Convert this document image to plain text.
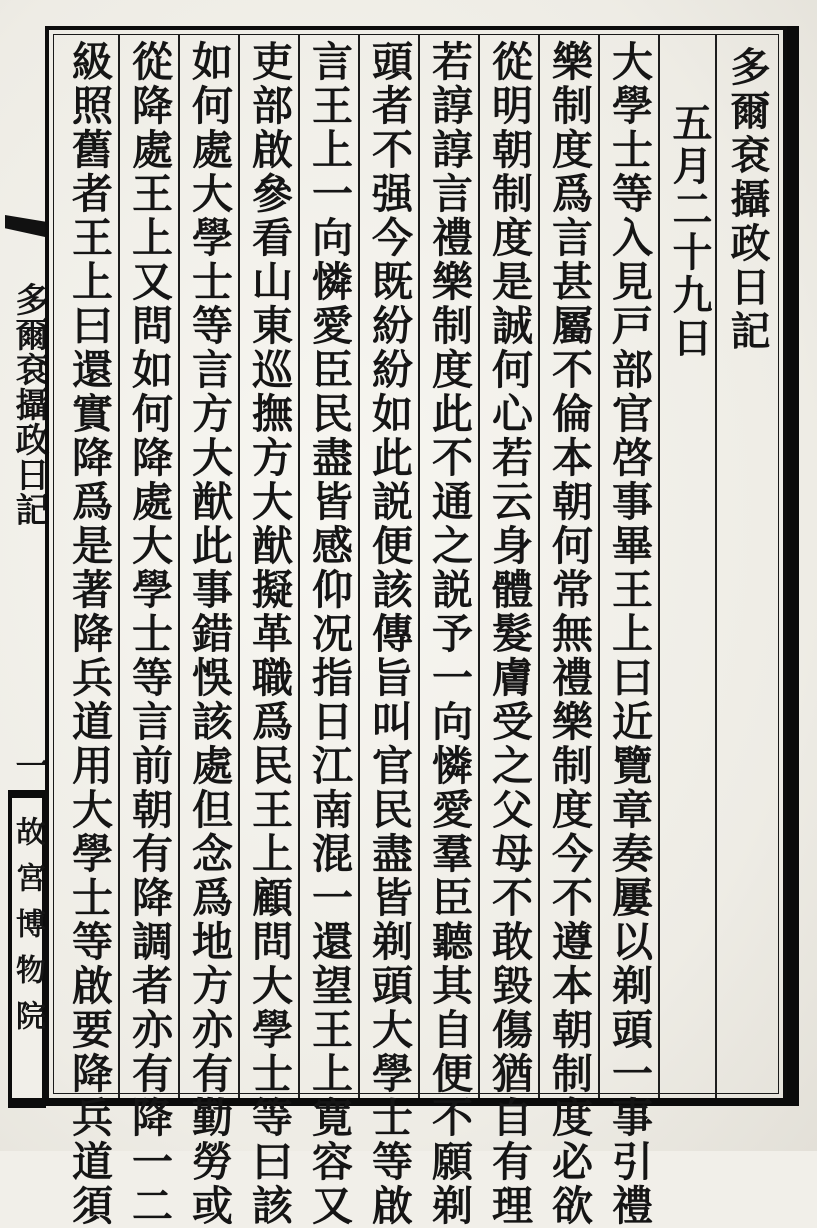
多爾袞攝政日記
一
故宮博物院
多爾袞攝政日記
五月二十九日
大學士等入見戸部官啓事畢王上曰近覽章奏屢以剃頭一事引禮
樂制度爲言甚屬不倫本朝何常無禮樂制度今不遵本朝制度必欲
從明朝制度是誠何心若云身體髮膚受之父母不敢毀傷猶自有理
若諄諄言禮樂制度此不通之説予一向憐愛羣臣聽其自便不願剃
頭者不强今既紛紛如此説便該傳旨叫官民盡皆剃頭大學士等啟
言王上一向憐愛臣民盡皆感仰况指日江南混一還望王上寛容又
吏部啟參看山東巡撫方大猷擬革職爲民王上顧問大學士等曰該
如何處大學士等言方大猷此事錯悞該處但念爲地方亦有勤勞或
從降處王上又問如何降處大學士等言前朝有降調者亦有降一二
級照舊者王上曰還實降爲是著降兵道用大學士等啟要降兵道須
